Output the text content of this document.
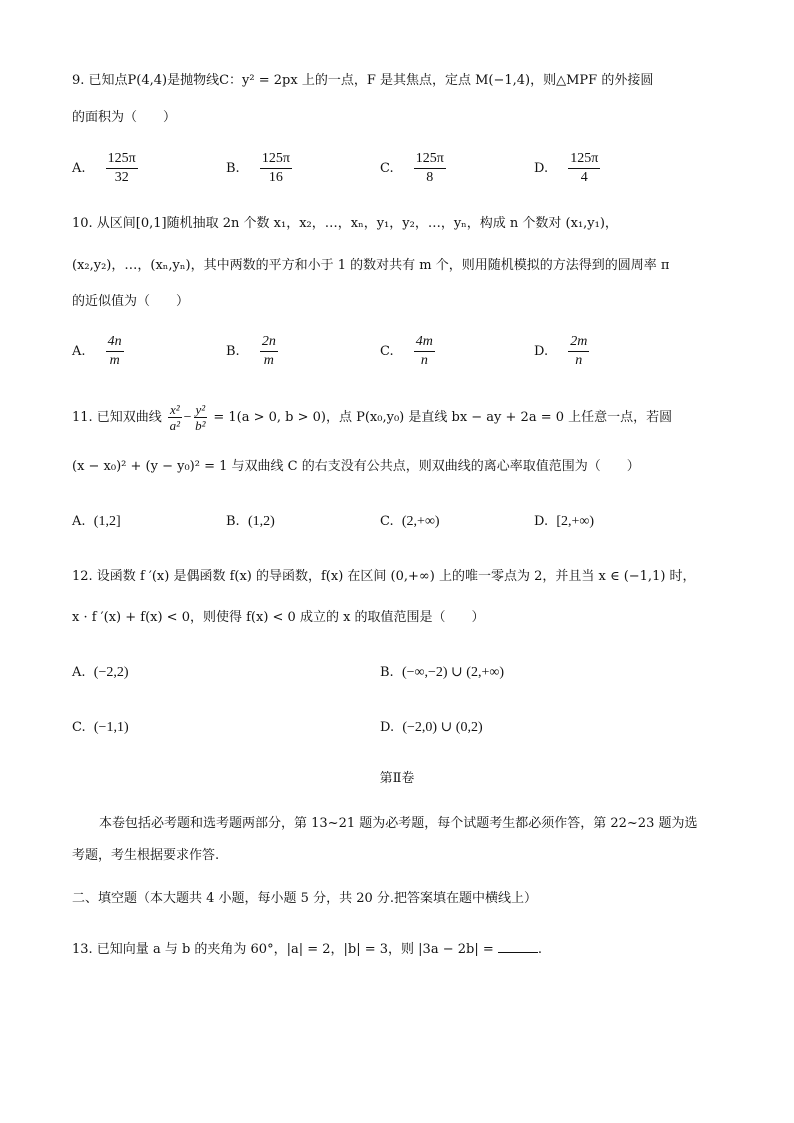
9. 已知点P(4,4)是抛物线C：y² = 2px 上的一点，F 是其焦点，定点 M(−1,4)，则△MPF 的外接圆
的面积为（　　）
A. $\frac{125\pi}{32}$	B. $\frac{125\pi}{16}$	C. $\frac{125\pi}{8}$	D. $\frac{125\pi}{4}$
10. 从区间[0,1]随机抽取 2n 个数 x₁，x₂，…，xₙ，y₁，y₂，…，yₙ，构成 n 个数对 (x₁,y₁)，
(x₂,y₂)，…，(xₙ,yₙ)，其中两数的平方和小于 1 的数对共有 m 个，则用随机模拟的方法得到的圆周率 π
的近似值为（　　）
A. $\frac{4n}{m}$	B. $\frac{2n}{m}$	C. $\frac{4m}{n}$	D. $\frac{2m}{n}$
11. 已知双曲线 $\frac{\text{x²}}{\text{a²}} - \frac{\text{y²}}{\text{b²}} = 1(a > 0$, b > 0)，点 P(x₀,y₀) 是直线 bx − ay + 2a = 0 上任意一点，若圆
(x − x₀)² + (y − y₀)² = 1 与双曲线 C 的右支没有公共点，则双曲线的离心率取值范围为（　　）
A. (1,2]	B. (1,2)	C. (2,+∞)	D. [2,+∞)
12. 设函数 f ′(x) 是偶函数 f(x) 的导函数，f(x) 在区间 (0,+∞) 上的唯一零点为 2，并且当 x ∈ (−1,1) 时，
x · f ′(x) + f(x) < 0，则使得 f(x) < 0 成立的 x 的取值范围是（　　）
A. (−2,2)	B. (−∞,−2) ∪ (2,+∞)
C. (−1,1)	D. (−2,0) ∪ (0,2)
第Ⅱ卷
本卷包括必考题和选考题两部分，第 13~21 题为必考题，每个试题考生都必须作答，第 22~23 题为选
考题，考生根据要求作答.
二、填空题（本大题共 4 小题，每小题 5 分，共 20 分.把答案填在题中横线上）
13. 已知向量 a 与 b 的夹角为 60°，|a| = 2，|b| = 3，则 |3a − 2b| =	.
